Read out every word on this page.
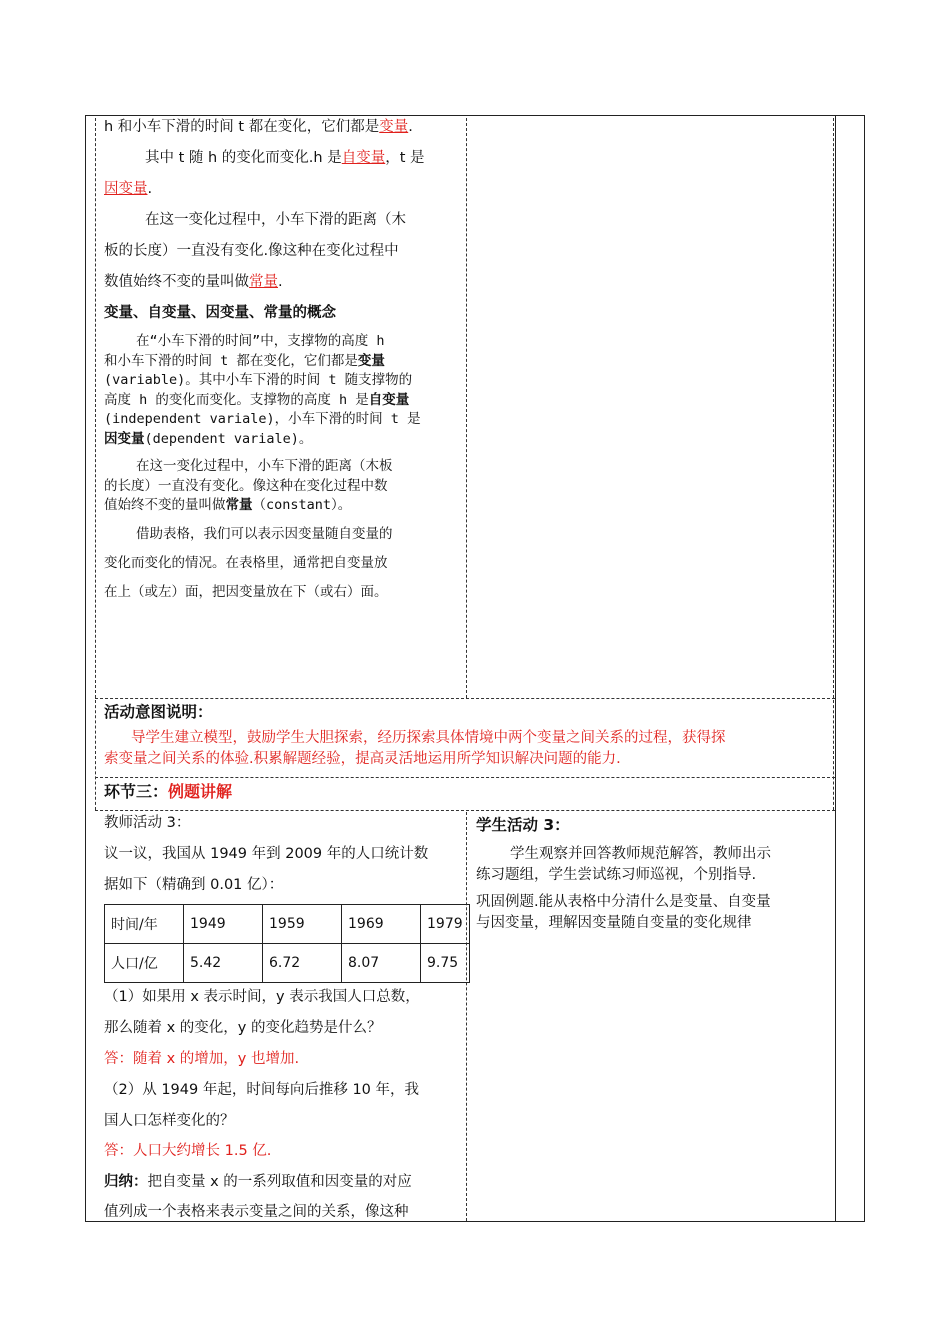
h 和小车下滑的时间 t 都在变化，它们都是变量.
其中 t 随 h 的变化而变化.h 是自变量，t 是
因变量.
在这一变化过程中，小车下滑的距离（木
板的长度）一直没有变化.像这种在变化过程中
数值始终不变的量叫做常量.
变量、自变量、因变量、常量的概念
在“小车下滑的时间”中，支撑物的高度 h
和小车下滑的时间 t 都在变化，它们都是变量
(variable)。其中小车下滑的时间 t 随支撑物的
高度 h 的变化而变化。支撑物的高度 h 是自变量
(independent variale)，小车下滑的时间 t 是
因变量(dependent variale)。
在这一变化过程中，小车下滑的距离（木板
的长度）一直没有变化。像这种在变化过程中数
值始终不变的量叫做常量（constant）。
借助表格，我们可以表示因变量随自变量的
变化而变化的情况。在表格里，通常把自变量放
在上（或左）面，把因变量放在下（或右）面。
活动意图说明：
导学生建立模型，鼓励学生大胆探索，经历探索具体情境中两个变量之间关系的过程，获得探
索变量之间关系的体验.积累解题经验，提高灵活地运用所学知识解决问题的能力.
环节三：例题讲解
教师活动 3：
议一议，我国从 1949 年到 2009 年的人口统计数
据如下（精确到 0.01 亿）：
时间/年	1949	1959	1969	1979
人口/亿	5.42	6.72	8.07	9.75
（1）如果用 x 表示时间，y 表示我国人口总数，
那么随着 x 的变化，y 的变化趋势是什么？
答：随着 x 的增加，y 也增加.
（2）从 1949 年起，时间每向后推移 10 年，我
国人口怎样变化的？
答：人口大约增长 1.5 亿.
归纳：把自变量 x 的一系列取值和因变量的对应
值列成一个表格来表示变量之间的关系，像这种
学生活动 3：
学生观察并回答教师规范解答，教师出示
练习题组，学生尝试练习师巡视，个别指导.
巩固例题.能从表格中分清什么是变量、自变量
与因变量，理解因变量随自变量的变化规律
